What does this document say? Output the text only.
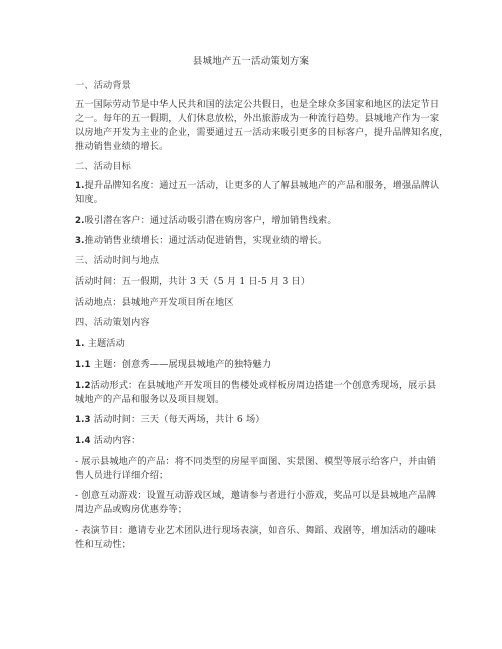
县城地产五一活动策划方案
一、活动背景
五一国际劳动节是中华人民共和国的法定公共假日，也是全球众多国家和地区的法定节日
之一。每年的五一假期，人们休息放松，外出旅游成为一种流行趋势。县城地产作为一家
以房地产开发为主业的企业，需要通过五一活动来吸引更多的目标客户，提升品牌知名度，
推动销售业绩的增长。
二、活动目标
1.提升品牌知名度：通过五一活动，让更多的人了解县城地产的产品和服务，增强品牌认
知度。
2.吸引潜在客户：通过活动吸引潜在购房客户，增加销售线索。
3.推动销售业绩增长：通过活动促进销售，实现业绩的增长。
三、活动时间与地点
活动时间：五一假期，共计 3 天（5 月 1 日-5 月 3 日）
活动地点：县城地产开发项目所在地区
四、活动策划内容
1. 主题活动
1.1 主题：创意秀——展现县城地产的独特魅力
1.2活动形式：在县城地产开发项目的售楼处或样板房周边搭建一个创意秀现场，展示县
城地产的产品和服务以及项目规划。
1.3 活动时间：三天（每天两场，共计 6 场）
1.4 活动内容：
- 展示县城地产的产品：将不同类型的房屋平面图、实景图、模型等展示给客户，并由销
售人员进行详细介绍；
- 创意互动游戏：设置互动游戏区域，邀请参与者进行小游戏，奖品可以是县城地产品牌
周边产品或购房优惠券等；
- 表演节目：邀请专业艺术团队进行现场表演，如音乐、舞蹈、戏剧等，增加活动的趣味
性和互动性；
